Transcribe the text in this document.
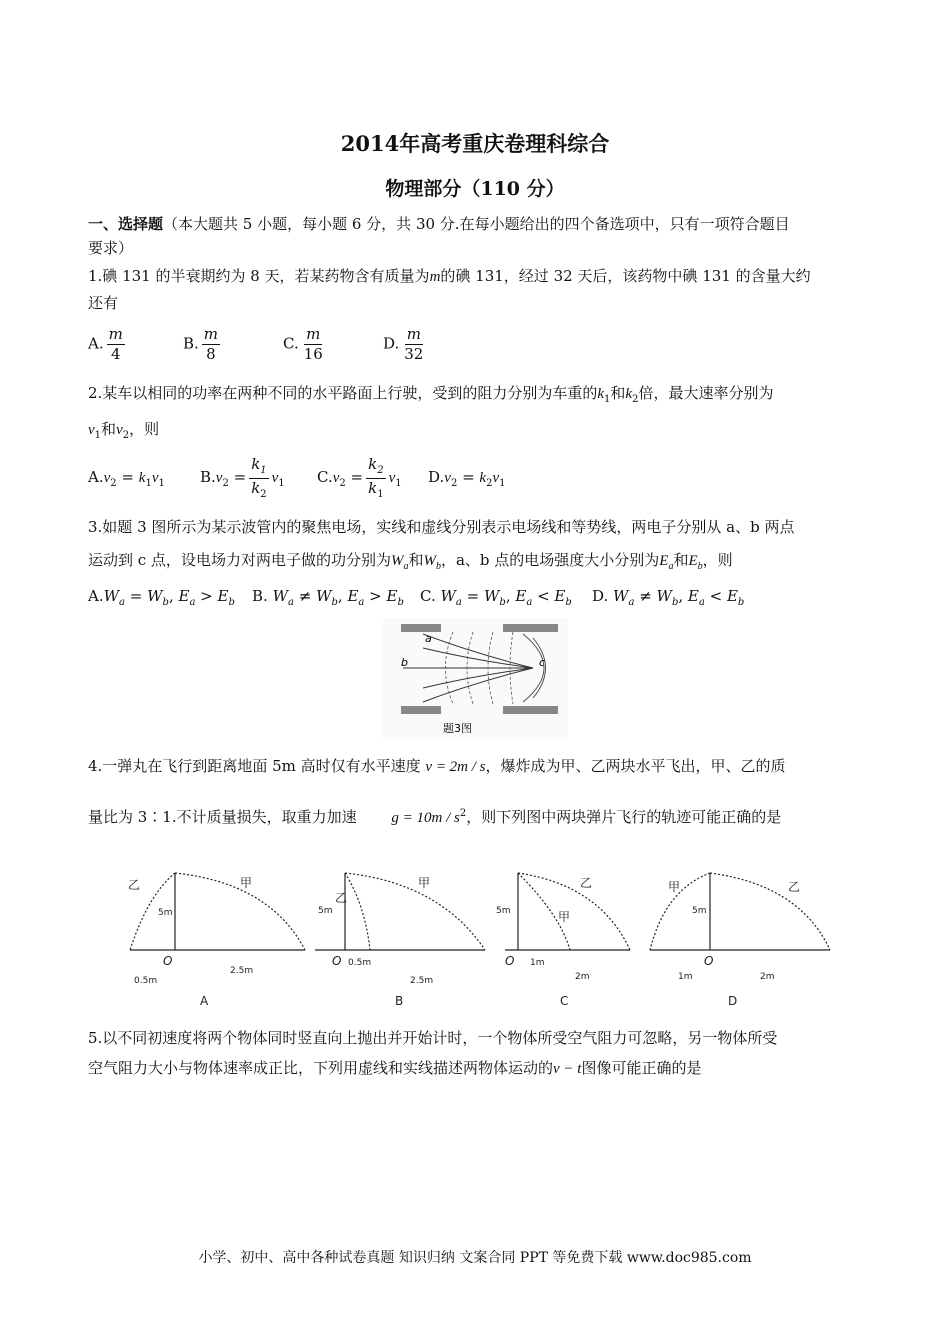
2014年高考重庆卷理科综合
物理部分（110 分）
一、选择题（本大题共 5 小题，每小题 6 分，共 30 分.在每小题给出的四个备选项中，只有一项符合题目
要求）
1.碘 131 的半衰期约为 8 天，若某药物含有质量为m的碘 131，经过 32 天后，该药物中碘 131 的含量大约
还有
A. $\frac{m}{4}$	B. $\frac{m}{8}$	C. $\frac{m}{16}$	D. $\frac{m}{32}$
2.某车以相同的功率在两种不同的水平路面上行驶，受到的阻力分别为车重的$k_1$和$k_2$倍，最大速率分别为
$v_1$和$v_2$，则
$A.v_2 = k_1v_1$ $B.v_2 = \frac{k_1}{k_2} v_1$ $C.v_2 = \frac{k_2}{k_1} v_1$ $D.v_2 = k_2v_1$
3.如题 3 图所示为某示波管内的聚焦电场，实线和虚线分别表示电场线和等势线，两电子分别从 a、b 两点
运动到 c 点，设电场力对两电子做的功分别为$W_a$和$W_b$，a、b 点的电场强度大小分别为$E_a$和$E_b$，则
$A.W_a = W_b$, $E_a > E_b$ B. $W_a \ne W_b$, $E_a > E_b$ C. $W_a = W_b$, $E_a < E_b$ D. $W_a \ne W_b$, $E_a < E_b$
a
b	c
题3图
4.一弹丸在飞行到距离地面 5m 高时仅有水平速度 v = 2m / s，爆炸成为甲、乙两块水平飞出，甲、乙的质
量比为 3∶1.不计质量损失，取重力加速 $g = 10m / s^2$，则下列图中两块弹片飞行的轨迹可能正确的是
乙	甲
5m
O
0.5m
2.5m
A
乙
甲
5m
O 0.5m
2.5m
B
甲
乙
5m
O 1m
2m
C
甲	乙
5m
O
1m	2m
D
5.以不同初速度将两个物体同时竖直向上抛出并开始计时，一个物体所受空气阻力可忽略，另一物体所受
空气阻力大小与物体速率成正比，下列用虚线和实线描述两物体运动的v − t图像可能正确的是
小学、初中、高中各种试卷真题 知识归纳 文案合同 PPT 等免费下载 www.doc985.com
